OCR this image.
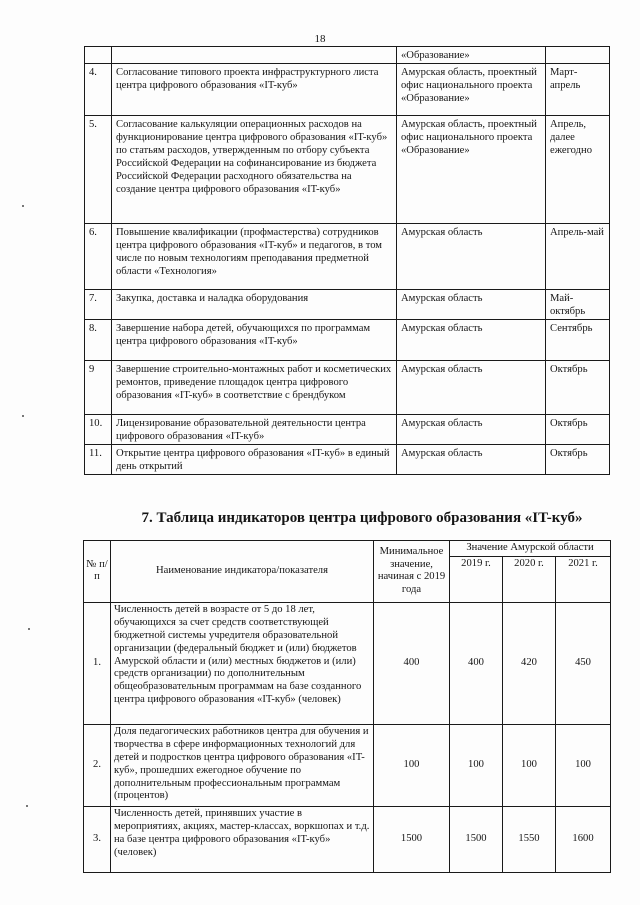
18
		«Образование»	
4.	Согласование типового проекта инфраструктурного листа центра цифрового образования «IT-куб»	Амурская область, проектный офис национального проекта «Образование»	Март-апрель
5.	Согласование калькуляции операционных расходов на функционирование центра цифрового образования «IT-куб» по статьям расходов, утвержденным по отбору субъекта Российской Федерации на софинансирование из бюджета Российской Федерации расходного обязательства на создание центра цифрового образования «IT-куб»	Амурская область, проектный офис национального проекта «Образование»	Апрель, далее ежегодно
6.	Повышение квалификации (профмастерства) сотрудников центра цифрового образования «IT-куб» и педагогов, в том числе по новым технологиям преподавания предметной области «Технология»	Амурская область	Апрель-май
7.	Закупка, доставка и наладка оборудования	Амурская область	Май-октябрь
8.	Завершение набора детей, обучающихся по программам центра цифрового образования «IT-куб»	Амурская область	Сентябрь
9	Завершение строительно-монтажных работ и косметических ремонтов, приведение площадок центра цифрового образования «IT-куб» в соответствие с брендбуком	Амурская область	Октябрь
10.	Лицензирование образовательной деятельности центра цифрового образования «IT-куб»	Амурская область	Октябрь
11.	Открытие центра цифрового образования «IT-куб» в единый день открытий	Амурская область	Октябрь
7. Таблица индикаторов центра цифрового образования «IT-куб»
№ п/п	Наименование индикатора/показателя	Минимальное значение, начиная с 2019 года	Значение Амурской области		
			2019 г.	2020 г.	2021 г.
1.	Численность детей в возрасте от 5 до 18 лет, обучающихся за счет средств соответствующей бюджетной системы учредителя образовательной организации (федеральный бюджет и (или) бюджетов Амурской области и (или) местных бюджетов и (или) средств организации) по дополнительным общеобразовательным программам на базе созданного центра цифрового образования «IT-куб» (человек)	400	400	420	450
2.	Доля педагогических работников центра для обучения и творчества в сфере информационных технологий для детей и подростков центра цифрового образования «IT-куб», прошедших ежегодное обучение по дополнительным профессиональным программам (процентов)	100	100	100	100
3.	Численность детей, принявших участие в мероприятиях, акциях, мастер-классах, воркшопах и т.д. на базе центра цифрового образования «IT-куб» (человек)	1500	1500	1550	1600
